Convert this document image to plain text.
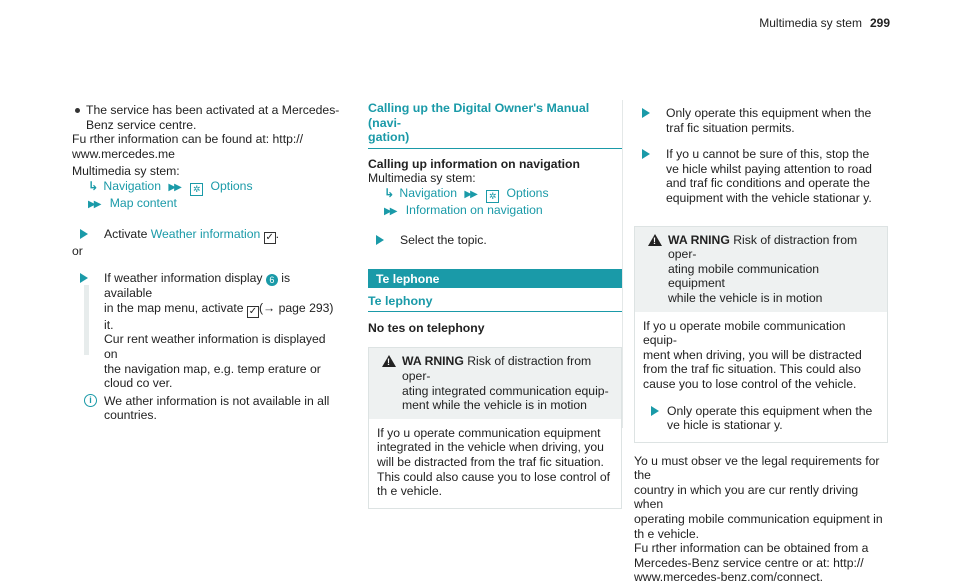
Multimedia sy stem 299

The service has been activated at a Mercedes-Benz service centre.

Fu rther information can be found at: http://

www.mercedes.me

Multimedia sy stem:

↳ Navigation ▶▶ ✲ Options
▶▶ Map content
Activate Weather information ✓ .

or

If weather information display 6 is available
in the map menu, activate ✓ (→ page 293)

it.

Cur rent weather information is displayed on

the navigation map, e.g. temp erature or

cloud co ver.

i	We ather information is not available in all

countries.

Calling up the Digital Owner's Manual (navi‐

gation)

Calling up information on navigation

Multimedia sy stem:

↳ Navigation ▶▶ ✲ Options
▶▶ Information on navigation
Select the topic.
Te lephone

Te lephony

No tes on telephony

!
WA RNING Risk of distraction from oper‐

ating integrated communication equip‐

ment while the vehicle is in motion

If yo u operate communication equipment

integrated in the vehicle when driving, you

will be distracted from the traf fic situation.

This could also cause you to lose control of

th e vehicle.

Only operate this equipment when the

traf fic situation permits.

If yo u cannot be sure of this, stop the

ve hicle whilst paying attention to road

and traf fic conditions and operate the

equipment with the vehicle stationar y.

!
WA RNING Risk of distraction from oper‐

ating mobile communication equipment

while the vehicle is in motion

If yo u operate mobile communication equip‐

ment when driving, you will be distracted

from the traf fic situation. This could also

cause you to lose control of the vehicle.

Only operate this equipment when the

ve hicle is stationar y.

Yo u must obser ve the legal requirements for the

country in which you are cur rently driving when

operating mobile communication equipment in

th e vehicle.

Fu rther information can be obtained from a

Mercedes-Benz service centre or at: http://

www.mercedes-benz.com/connect.
